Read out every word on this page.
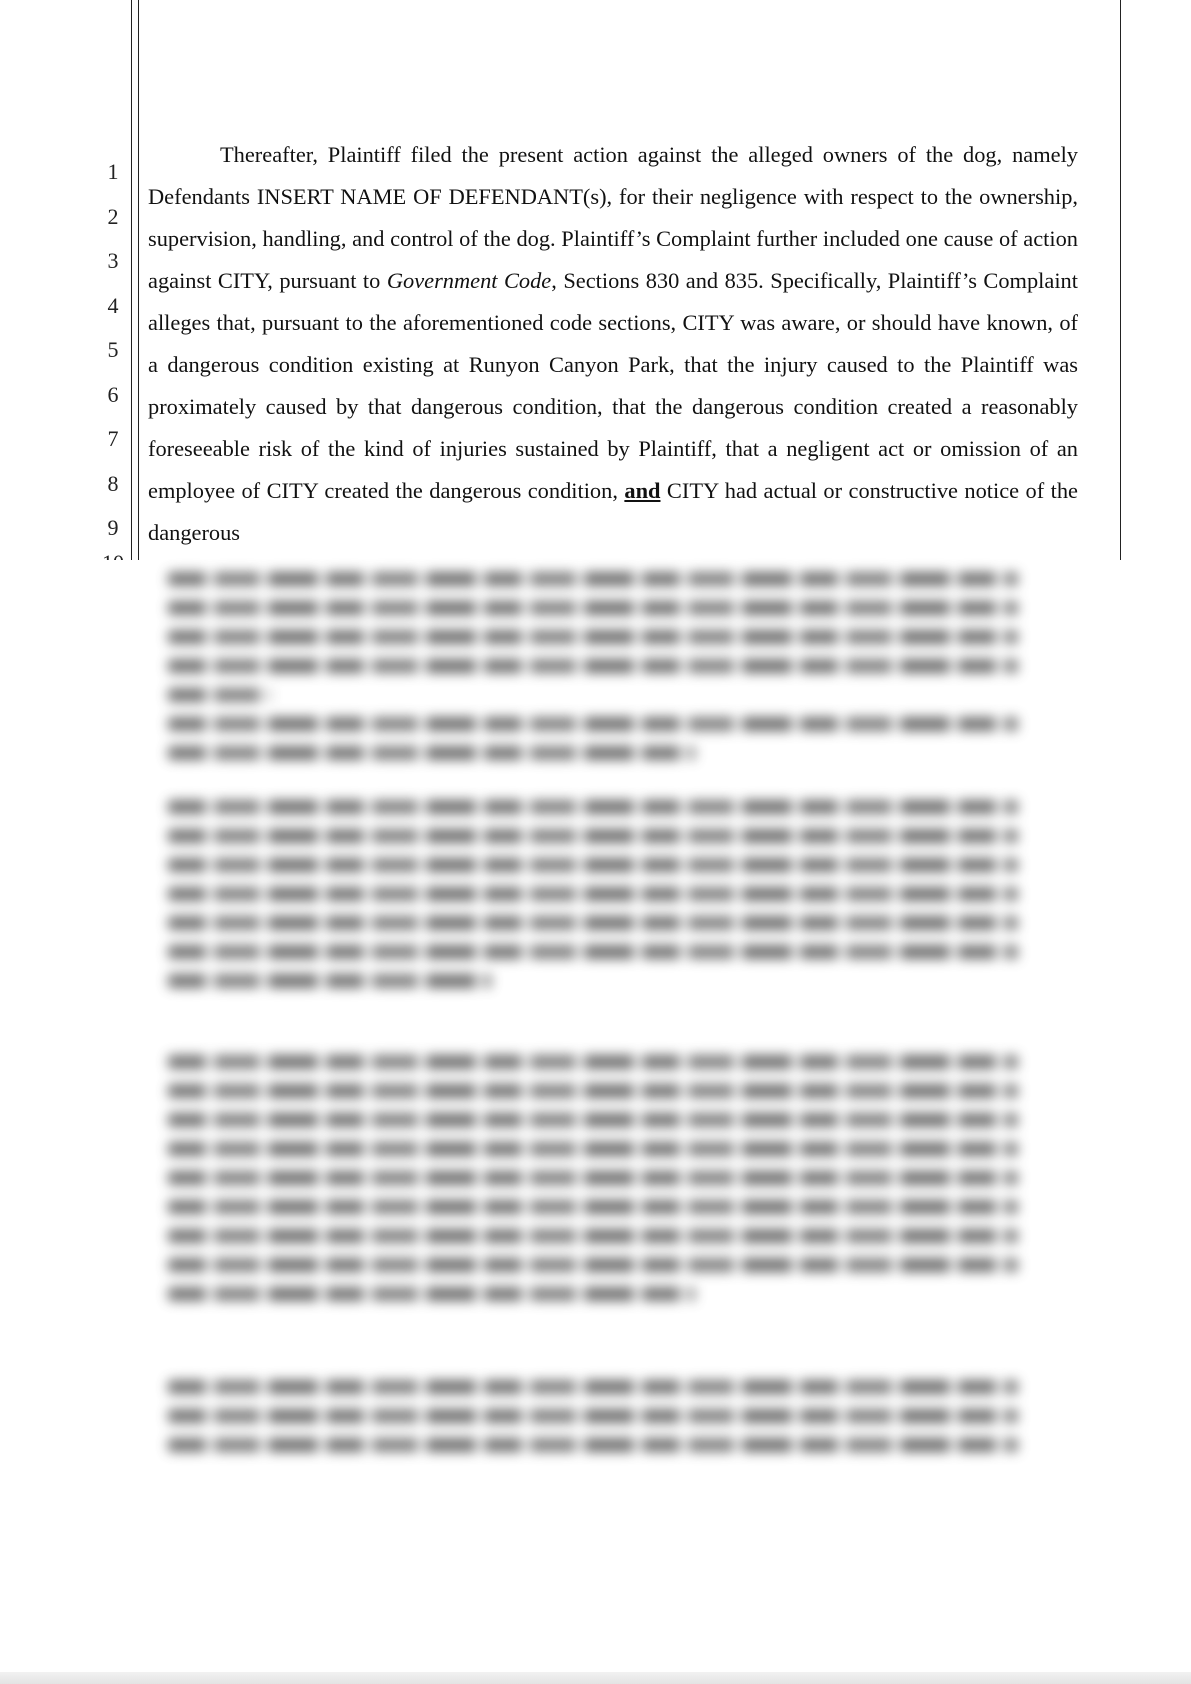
1
2
3
4
5
6
7
8
9

Thereafter, Plaintiff filed the present action against the alleged owners of the dog, namely Defendants INSERT NAME OF DEFENDANT(s), for their negligence with respect to the ownership, supervision, handling, and control of the dog. Plaintiff’s Complaint further included one cause of action against CITY, pursuant to Government Code, Sections 830 and 835. Specifically, Plaintiff’s Complaint alleges that, pursuant to the aforementioned code sections, CITY was aware, or should have known, of a dangerous condition existing at Runyon Canyon Park, that the injury caused to the Plaintiff was proximately caused by that dangerous condition, that the dangerous condition created a reasonably foreseeable risk of the kind of injuries sustained by Plaintiff, that a negligent act or omission of an employee of CITY created the dangerous condition, and CITY had actual or constructive notice of the dangerous
